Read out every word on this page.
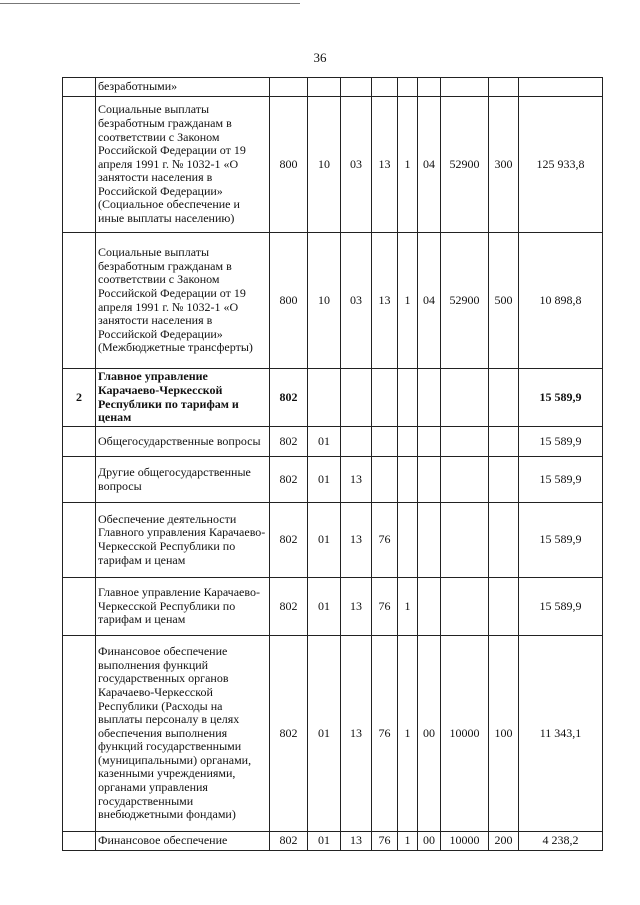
36
	безработными»									
	Социальные выплаты безработным гражданам в соответствии с Законом Российской Федерации от 19 апреля 1991 г. № 1032-1 «О занятости населения в Российской Федерации» (Социальное обеспечение и иные выплаты населению)	800	10	03	13	1	04	52900	300	125 933,8
	Социальные выплаты безработным гражданам в соответствии с Законом Российской Федерации от 19 апреля 1991 г. № 1032-1 «О занятости населения в Российской Федерации» (Межбюджетные трансферты)	800	10	03	13	1	04	52900	500	10 898,8
2	Главное управление Карачаево-Черкесской Республики по тарифам и ценам	802								15 589,9
	Общегосударственные вопросы	802	01							15 589,9
	Другие общегосударственные вопросы	802	01	13						15 589,9
	Обеспечение деятельности Главного управления Карачаево-Черкесской Республики по тарифам и ценам	802	01	13	76					15 589,9
	Главное управление Карачаево-Черкесской Республики по тарифам и ценам	802	01	13	76	1				15 589,9
	Финансовое обеспечение выполнения функций государственных органов Карачаево-Черкесской Республики (Расходы на выплаты персоналу в целях обеспечения выполнения функций государственными (муниципальными) органами, казенными учреждениями, органами управления государственными внебюджетными фондами)	802	01	13	76	1	00	10000	100	11 343,1
	Финансовое обеспечение	802	01	13	76	1	00	10000	200	4 238,2
